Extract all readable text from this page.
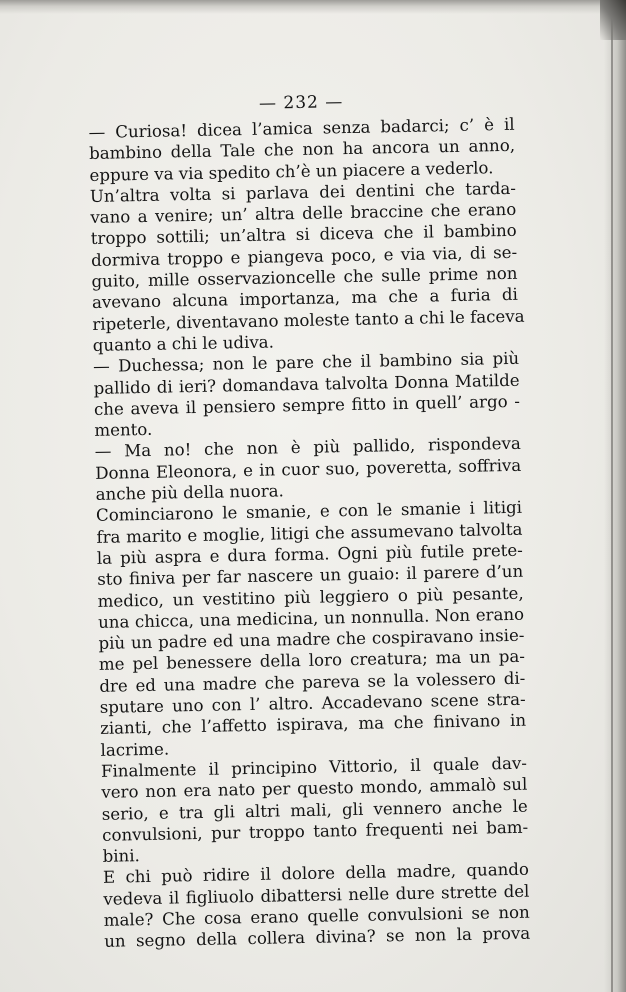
— 232 —
— Curiosa! dicea l’amica senza badarci; c’ è il
bambino della Tale che non ha ancora un anno,
eppure va via spedito ch’è un piacere a vederlo.
Un’altra volta si parlava dei dentini che tarda-
vano a venire; un’ altra delle braccine che erano
troppo sottili; un’altra si diceva che il bambino
dormiva troppo e piangeva poco, e via via, di se-
guito, mille osservazioncelle che sulle prime non
avevano alcuna importanza, ma che a furia di
ripeterle, diventavano moleste tanto a chi le faceva
quanto a chi le udiva.
— Duchessa; non le pare che il bambino sia più
pallido di ieri? domandava talvolta Donna Matilde
che aveva il pensiero sempre fitto in quell’ argo -
mento.
— Ma no! che non è più pallido, rispondeva
Donna Eleonora, e in cuor suo, poveretta, soffriva
anche più della nuora.
Cominciarono le smanie, e con le smanie i litigi
fra marito e moglie, litigi che assumevano talvolta
la più aspra e dura forma. Ogni più futile prete-
sto finiva per far nascere un guaio: il parere d’un
medico, un vestitino più leggiero o più pesante,
una chicca, una medicina, un nonnulla. Non erano
più un padre ed una madre che cospiravano insie-
me pel benessere della loro creatura; ma un pa-
dre ed una madre che pareva se la volessero di-
sputare uno con l’ altro. Accadevano scene stra-
zianti, che l’affetto ispirava, ma che finivano in
lacrime.
Finalmente il principino Vittorio, il quale dav-
vero non era nato per questo mondo, ammalò sul
serio, e tra gli altri mali, gli vennero anche le
convulsioni, pur troppo tanto frequenti nei bam-
bini.
E chi può ridire il dolore della madre, quando
vedeva il figliuolo dibattersi nelle dure strette del
male? Che cosa erano quelle convulsioni se non
un segno della collera divina? se non la prova
